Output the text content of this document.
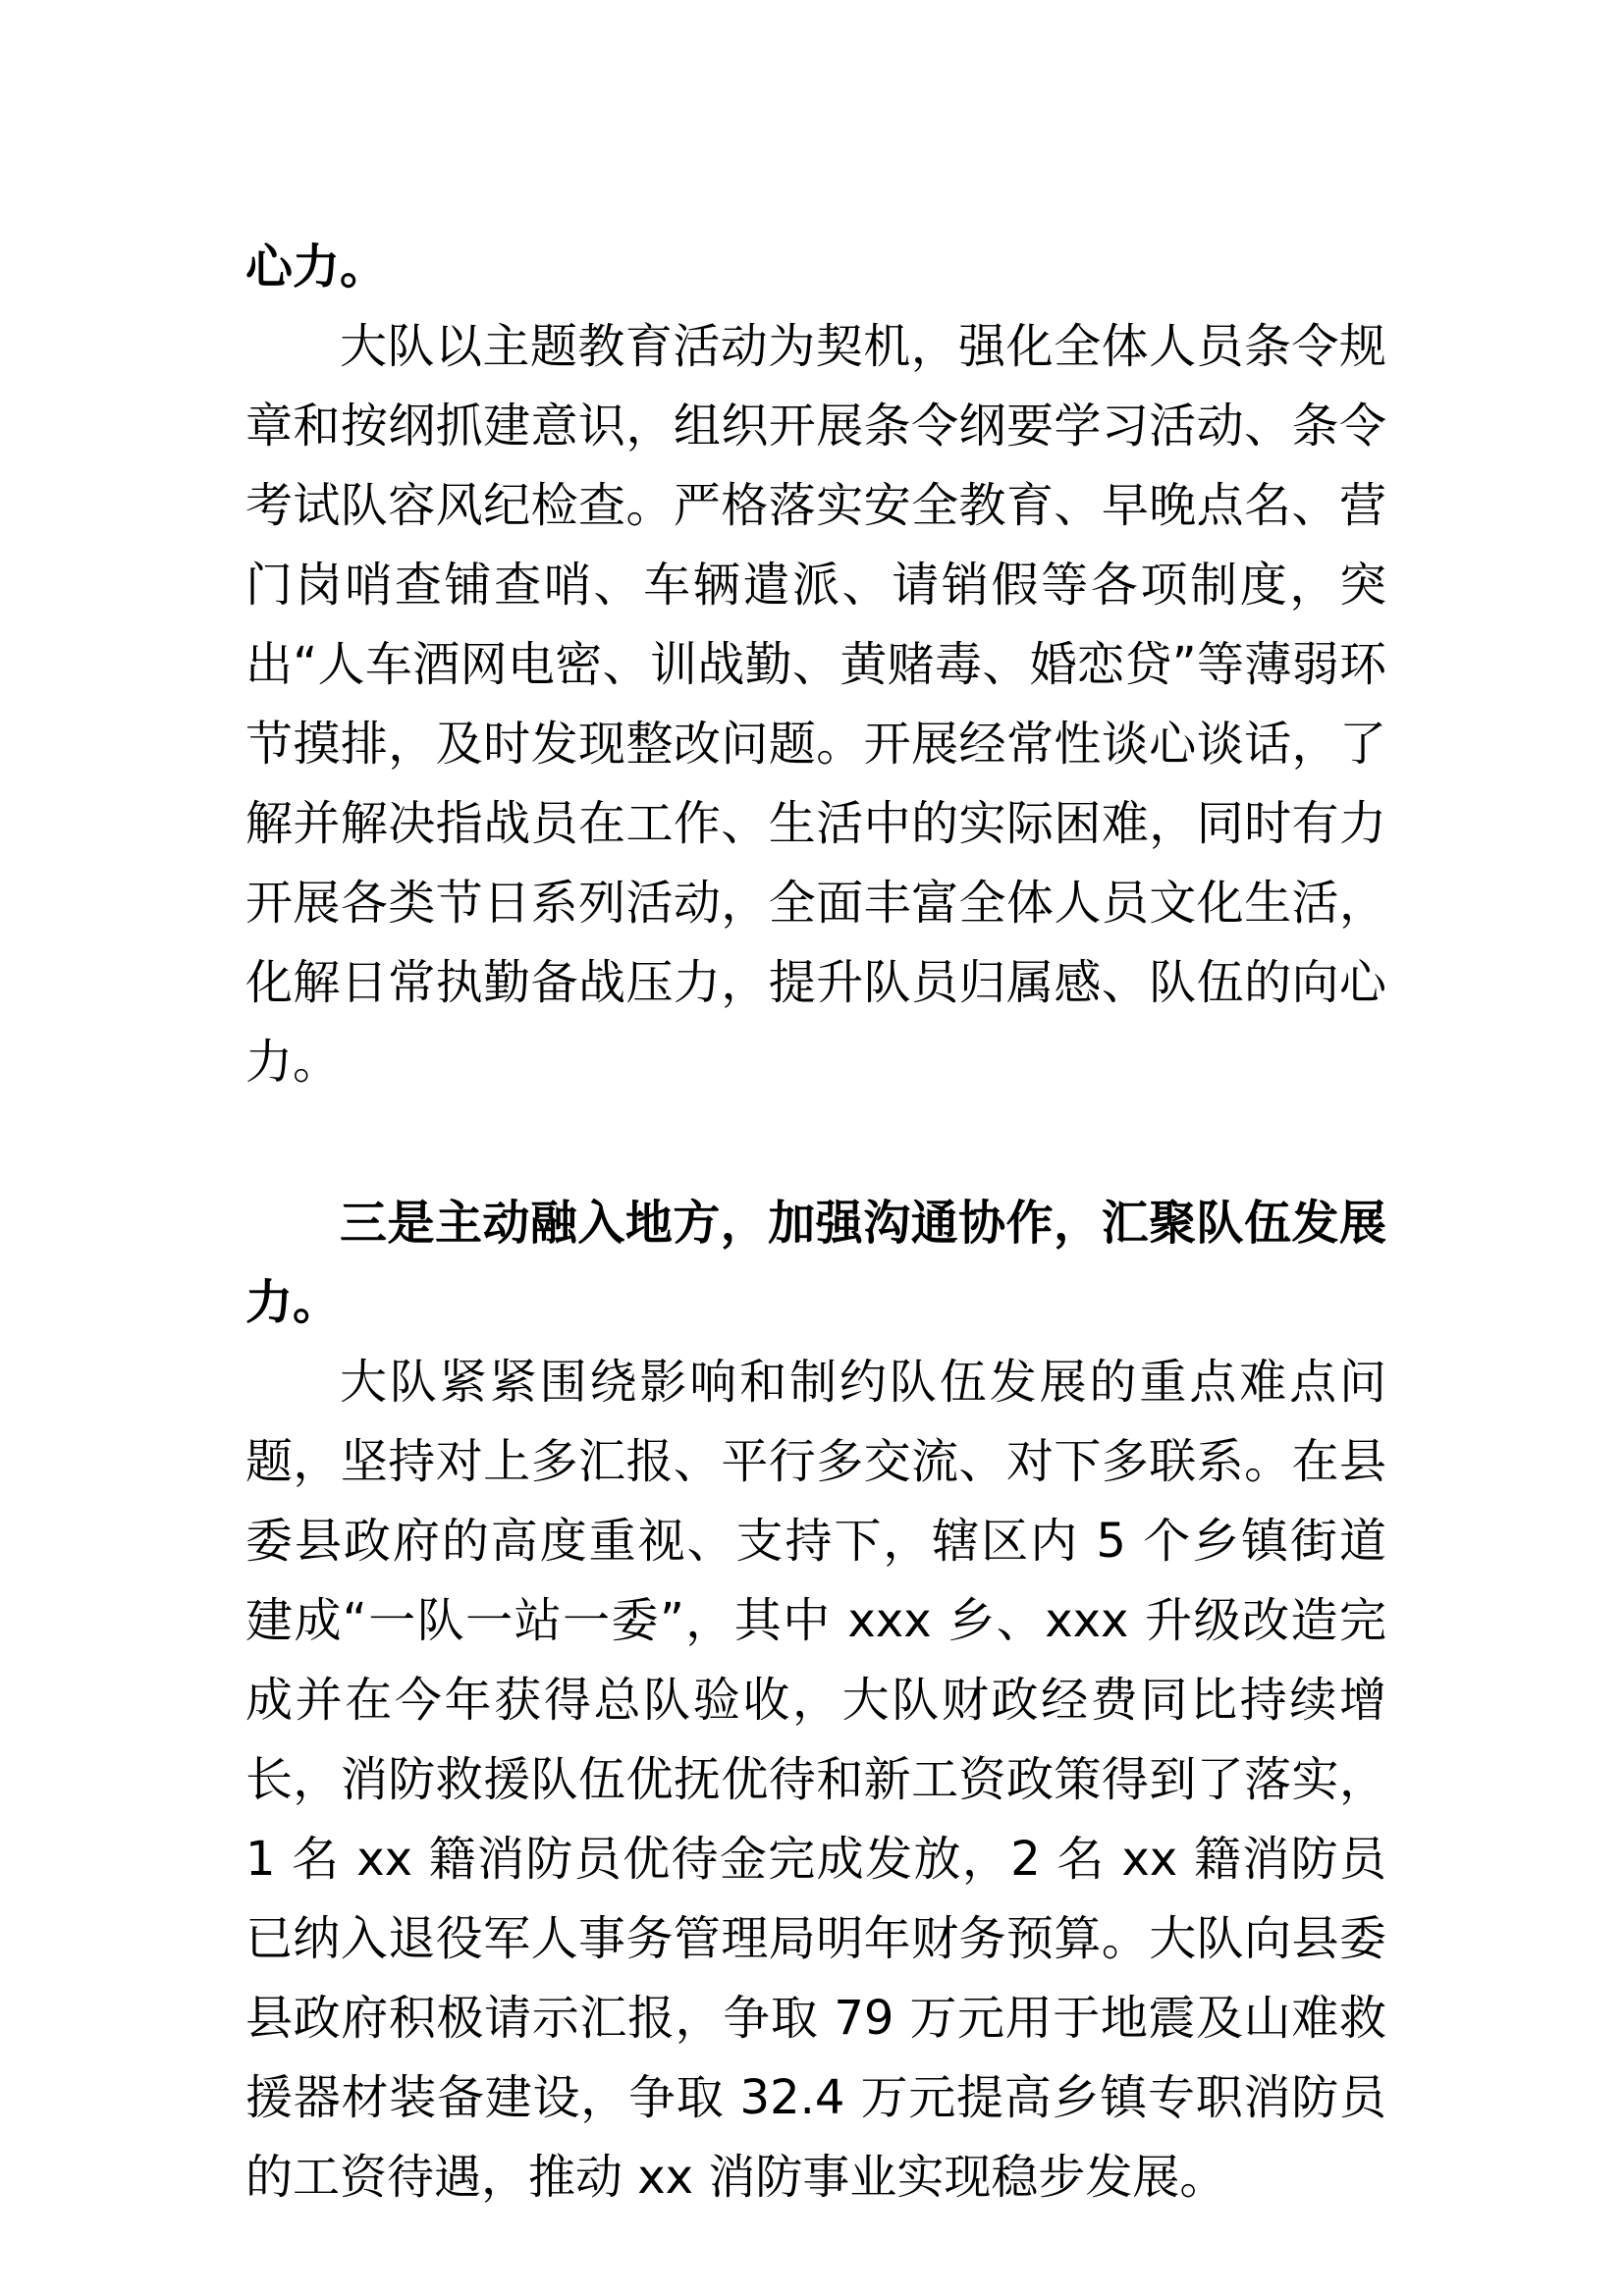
心力。

大队以主题教育活动为契机，强化全体人员条令规章和按纲抓建意识，组织开展条令纲要学习活动、条令考试队容风纪检查。严格落实安全教育、早晚点名、营门岗哨查铺查哨、车辆遣派、请销假等各项制度，突出“人车酒网电密、训战勤、黄赌毒、婚恋贷”等薄弱环节摸排，及时发现整改问题。开展经常性谈心谈话，了解并解决指战员在工作、生活中的实际困难，同时有力开展各类节日系列活动，全面丰富全体人员文化生活，化解日常执勤备战压力，提升队员归属感、队伍的向心力。

三是主动融入地方，加强沟通协作，汇聚队伍发展力。

大队紧紧围绕影响和制约队伍发展的重点难点问题，坚持对上多汇报、平行多交流、对下多联系。在县委县政府的高度重视、支持下，辖区内 5 个乡镇街道建成“一队一站一委”，其中 xxx 乡、xxx 升级改造完成并在今年获得总队验收，大队财政经费同比持续增长，消防救援队伍优抚优待和新工资政策得到了落实，1 名 xx 籍消防员优待金完成发放，2 名 xx 籍消防员已纳入退役军人事务管理局明年财务预算。大队向县委县政府积极请示汇报，争取 79 万元用于地震及山难救援器材装备建设，争取 32.4 万元提高乡镇专职消防员的工资待遇，推动 xx 消防事业实现稳步发展。
